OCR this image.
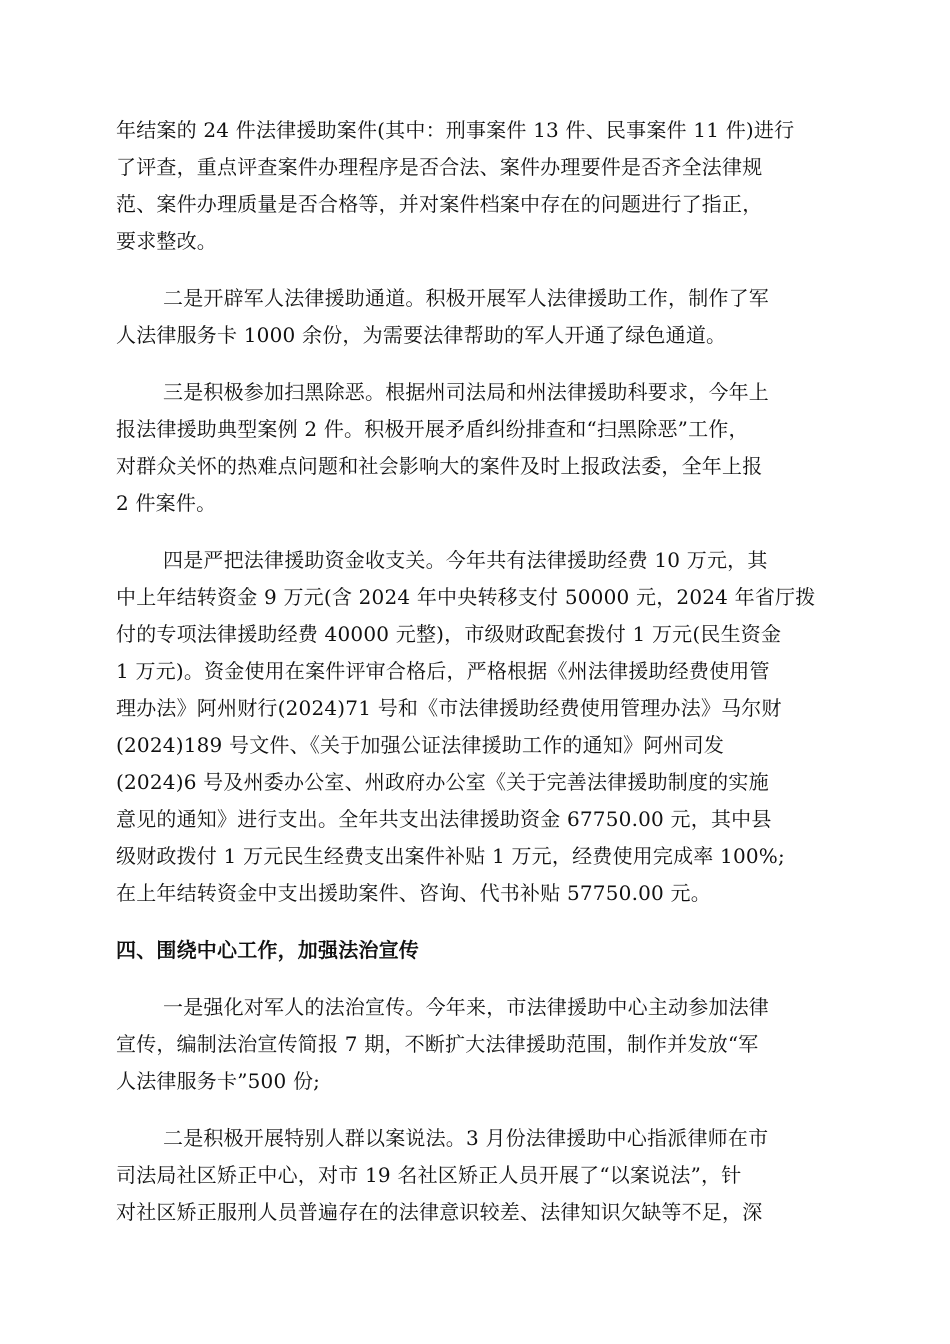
年结案的 24 件法律援助案件(其中：刑事案件 13 件、民事案件 11 件)进行
了评查，重点评查案件办理程序是否合法、案件办理要件是否齐全法律规
范、案件办理质量是否合格等，并对案件档案中存在的问题进行了指正，
要求整改。
二是开辟军人法律援助通道。积极开展军人法律援助工作，制作了军
人法律服务卡 1000 余份，为需要法律帮助的军人开通了绿色通道。
三是积极参加扫黑除恶。根据州司法局和州法律援助科要求，今年上
报法律援助典型案例 2 件。积极开展矛盾纠纷排查和“扫黑除恶”工作，
对群众关怀的热难点问题和社会影响大的案件及时上报政法委，全年上报
2 件案件。
四是严把法律援助资金收支关。今年共有法律援助经费 10 万元，其
中上年结转资金 9 万元(含 2024 年中央转移支付 50000 元，2024 年省厅拨
付的专项法律援助经费 40000 元整)，市级财政配套拨付 1 万元(民生资金
1 万元)。资金使用在案件评审合格后，严格根据《州法律援助经费使用管
理办法》阿州财行(2024)71 号和《市法律援助经费使用管理办法》马尔财
(2024)189 号文件、《关于加强公证法律援助工作的通知》阿州司发
(2024)6 号及州委办公室、州政府办公室《关于完善法律援助制度的实施
意见的通知》进行支出。全年共支出法律援助资金 67750.00 元，其中县
级财政拨付 1 万元民生经费支出案件补贴 1 万元，经费使用完成率 100%;
在上年结转资金中支出援助案件、咨询、代书补贴 57750.00 元。
四、围绕中心工作，加强法治宣传
一是强化对军人的法治宣传。今年来，市法律援助中心主动参加法律
宣传，编制法治宣传简报 7 期，不断扩大法律援助范围，制作并发放“军
人法律服务卡”500 份;
二是积极开展特别人群以案说法。3 月份法律援助中心指派律师在市
司法局社区矫正中心，对市 19 名社区矫正人员开展了“以案说法”，针
对社区矫正服刑人员普遍存在的法律意识较差、法律知识欠缺等不足，深
